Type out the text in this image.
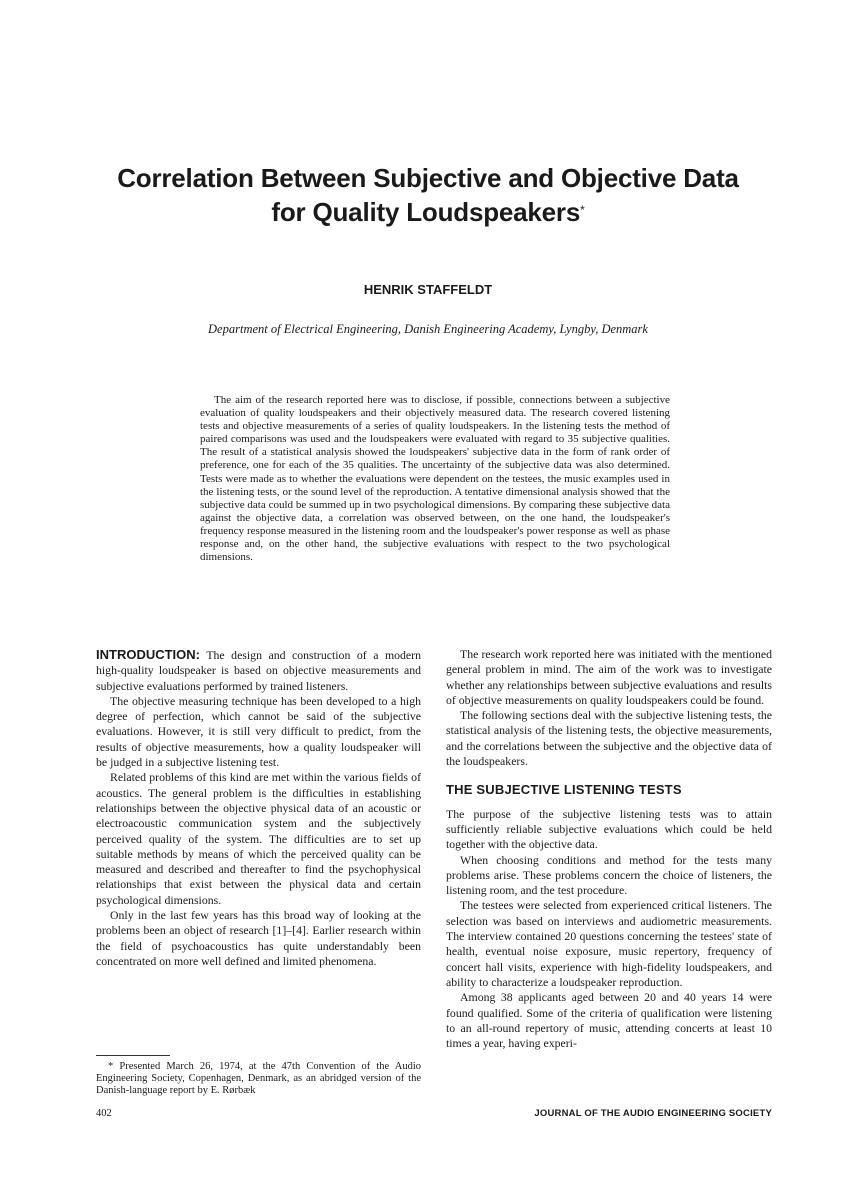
Correlation Between Subjective and Objective Data
for Quality Loudspeakers*

HENRIK STAFFELDT

Department of Electrical Engineering, Danish Engineering Academy, Lyngby, Denmark

The aim of the research reported here was to disclose, if possible, connections between a subjective evaluation of quality loudspeakers and their objectively measured data. The research covered listening tests and objective measurements of a series of quality loudspeakers. In the listening tests the method of paired comparisons was used and the loudspeakers were evaluated with regard to 35 subjective qualities. The result of a statistical analysis showed the loudspeakers' subjective data in the form of rank order of preference, one for each of the 35 qualities. The uncertainty of the subjective data was also determined. Tests were made as to whether the evaluations were dependent on the testees, the music examples used in the listening tests, or the sound level of the reproduction. A tentative dimensional analysis showed that the subjective data could be summed up in two psychological dimensions. By comparing these subjective data against the objective data, a correlation was observed between, on the one hand, the loudspeaker's frequency response measured in the listening room and the loudspeaker's power response as well as phase response and, on the other hand, the subjective evaluations with respect to the two psychological dimensions.

INTRODUCTION: The design and construction of a modern high-quality loudspeaker is based on objective measurements and subjective evaluations performed by trained listeners.

The objective measuring technique has been developed to a high degree of perfection, which cannot be said of the subjective evaluations. However, it is still very difficult to predict, from the results of objective measurements, how a quality loudspeaker will be judged in a subjective listening test.

Related problems of this kind are met within the various fields of acoustics. The general problem is the difficulties in establishing relationships between the objective physical data of an acoustic or electroacoustic communication system and the subjectively perceived quality of the system. The difficulties are to set up suitable methods by means of which the perceived quality can be measured and described and thereafter to find the psychophysical relationships that exist between the physical data and certain psychological dimensions.

Only in the last few years has this broad way of looking at the problems been an object of research [1]–[4]. Earlier research within the field of psychoacoustics has quite understandably been concentrated on more well defined and limited phenomena.

The research work reported here was initiated with the mentioned general problem in mind. The aim of the work was to investigate whether any relationships between subjective evaluations and results of objective measurements on quality loudspeakers could be found.

The following sections deal with the subjective listening tests, the statistical analysis of the listening tests, the objective measurements, and the correlations between the subjective and the objective data of the loudspeakers.

THE SUBJECTIVE LISTENING TESTS

The purpose of the subjective listening tests was to attain sufficiently reliable subjective evaluations which could be held together with the objective data.

When choosing conditions and method for the tests many problems arise. These problems concern the choice of listeners, the listening room, and the test procedure.

The testees were selected from experienced critical listeners. The selection was based on interviews and audiometric measurements. The interview contained 20 questions concerning the testees' state of health, eventual noise exposure, music repertory, frequency of concert hall visits, experience with high-fidelity loudspeakers, and ability to characterize a loudspeaker reproduction.

Among 38 applicants aged between 20 and 40 years 14 were found qualified. Some of the criteria of qualification were listening to an all-round repertory of music, attending concerts at least 10 times a year, having experi-

* Presented March 26, 1974, at the 47th Convention of the Audio Engineering Society, Copenhagen, Denmark, as an abridged version of the Danish-language report by E. Rørbæk

402	JOURNAL OF THE AUDIO ENGINEERING SOCIETY
